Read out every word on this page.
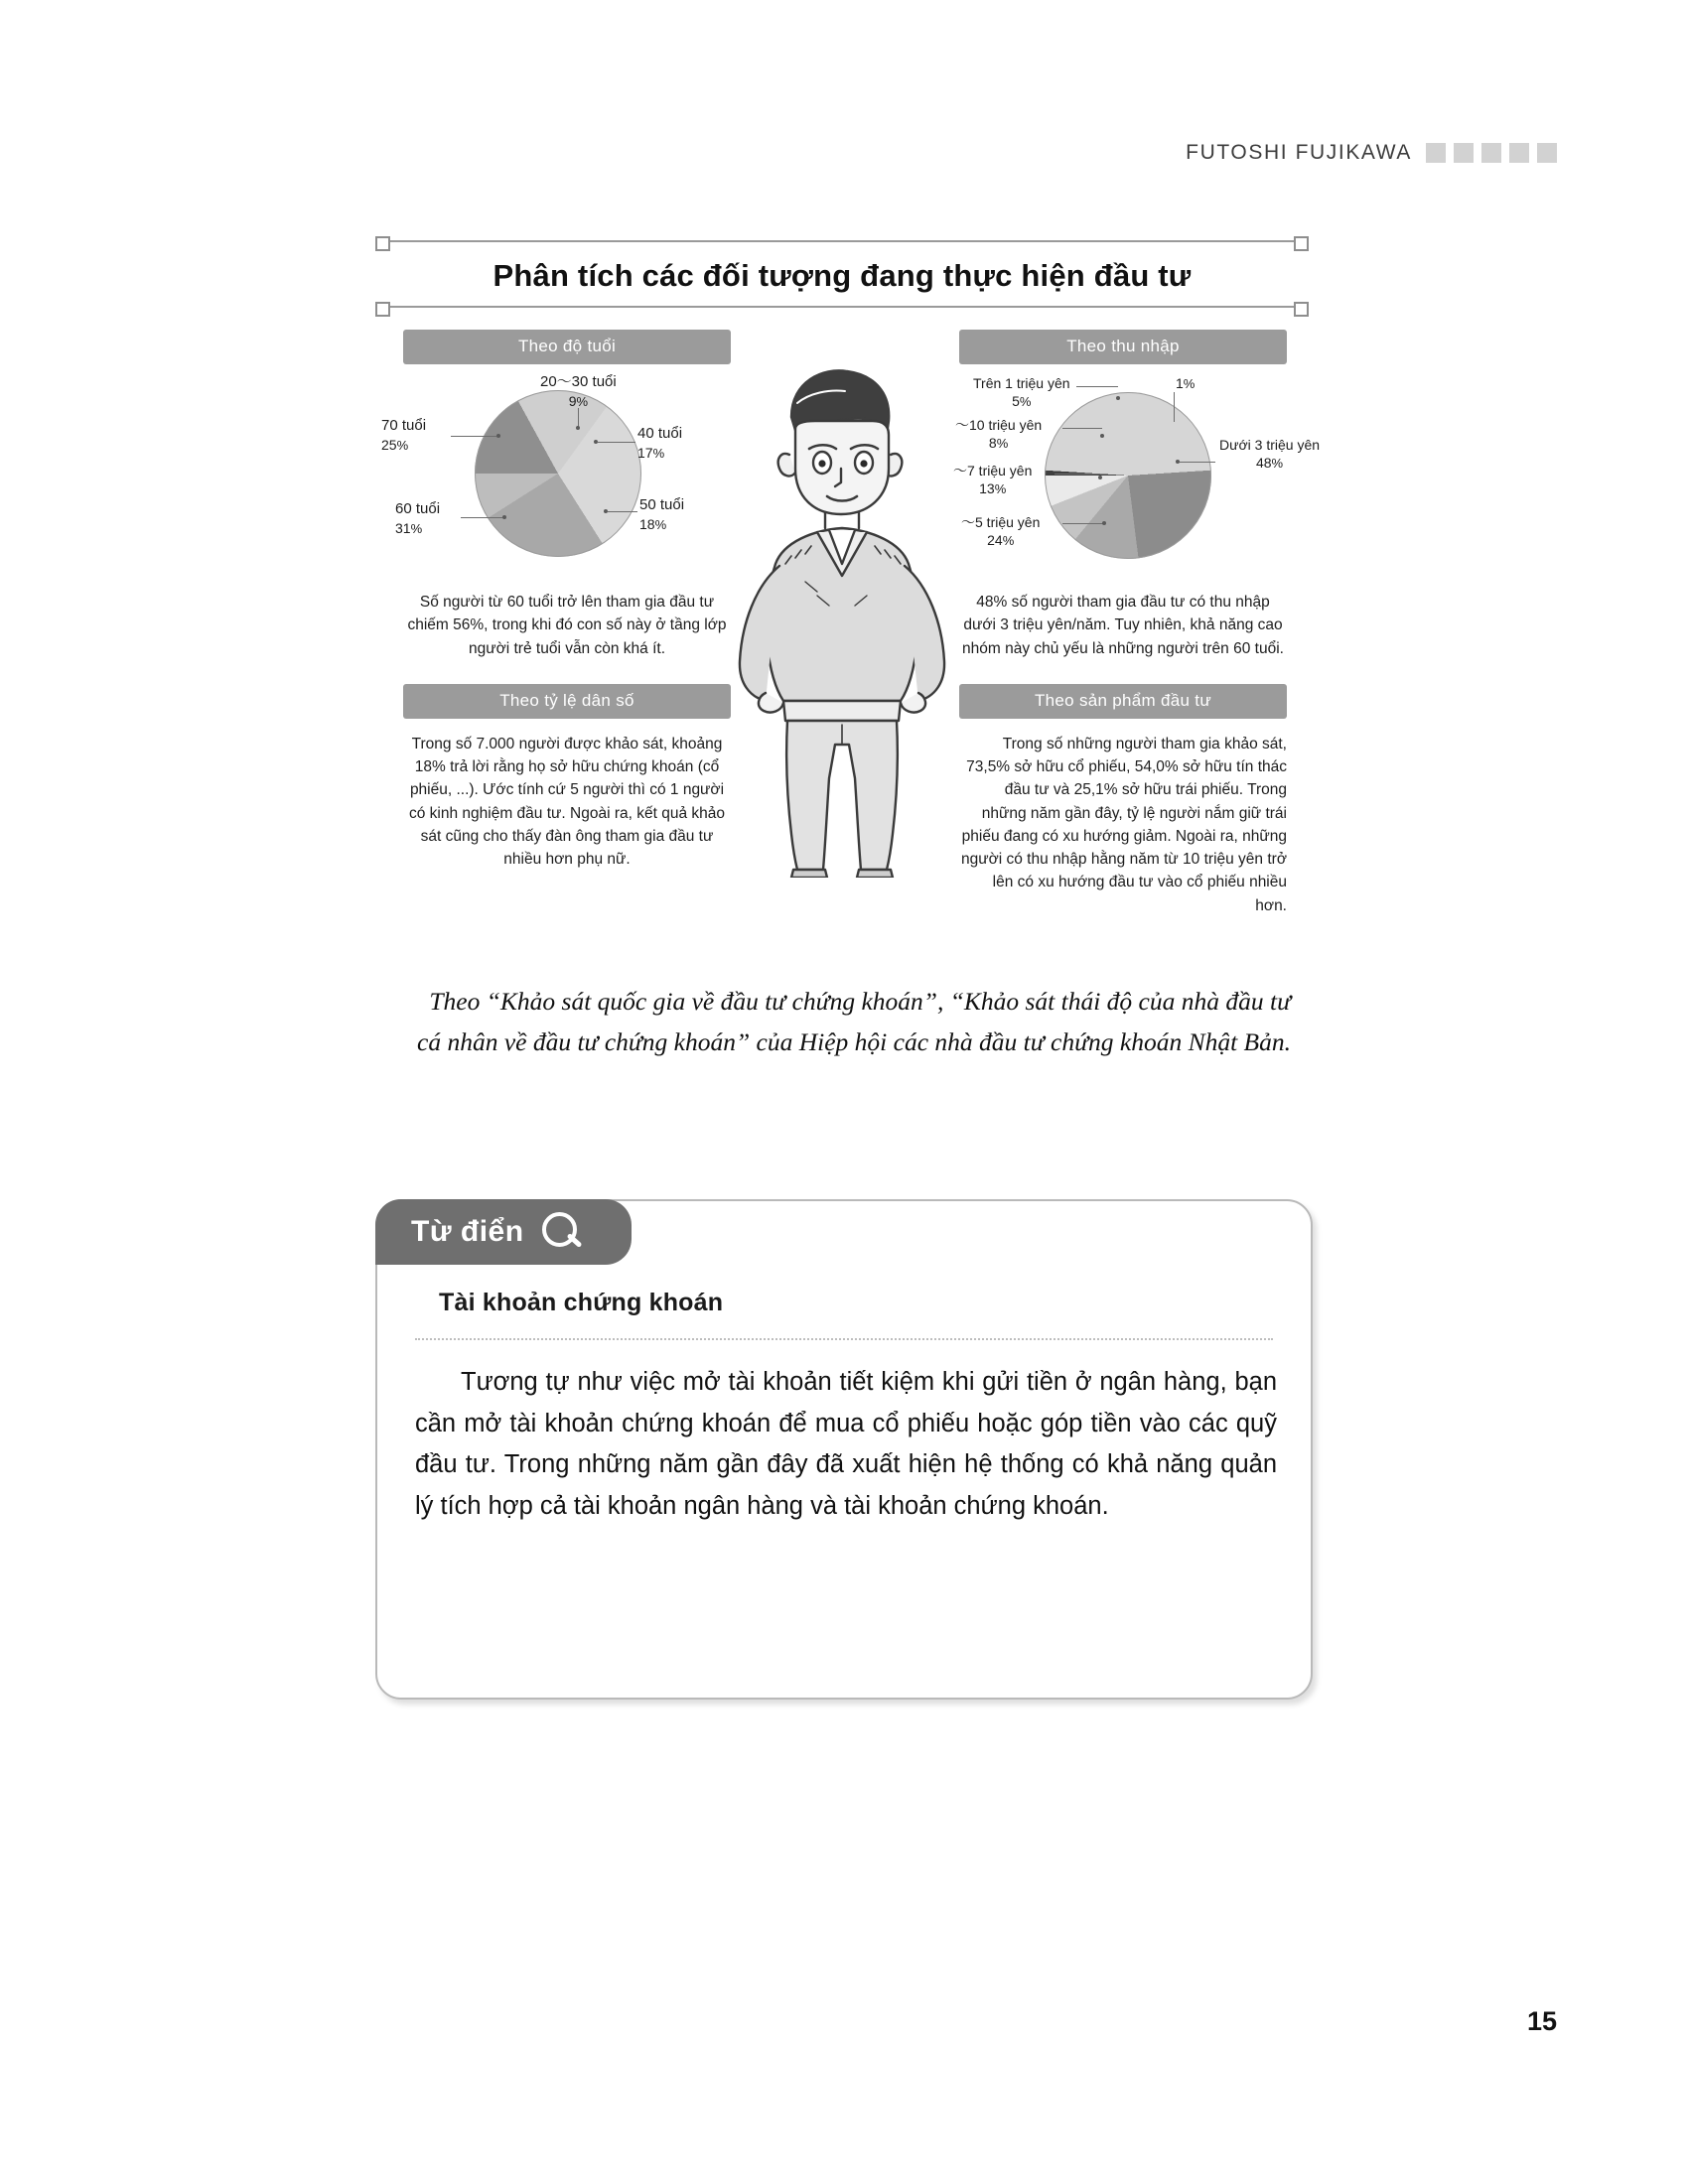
FUTOSHI FUJIKAWA
Phân tích các đối tượng đang thực hiện đầu tư
Theo độ tuổi
20〜30 tuổi
9%
70 tuổi
25%
40 tuổi
17%
50 tuổi
18%
60 tuổi
31%
Số người từ 60 tuổi trở lên tham gia đầu tư chiếm 56%, trong khi đó con số này ở tầng lớp người trẻ tuổi vẫn còn khá ít.
Theo tỷ lệ dân số
Trong số 7.000 người được khảo sát, khoảng 18% trả lời rằng họ sở hữu chứng khoán (cổ phiếu, ...). Ước tính cứ 5 người thì có 1 người có kinh nghiệm đầu tư. Ngoài ra, kết quả khảo sát cũng cho thấy đàn ông tham gia đầu tư nhiều hơn phụ nữ.
Theo thu nhập
Trên 1 triệu yên
5%
1%
〜10 triệu yên
8%
〜7 triệu yên
13%
Dưới 3 triệu yên
48%
〜5 triệu yên
24%
48% số người tham gia đầu tư có thu nhập dưới 3 triệu yên/năm. Tuy nhiên, khả năng cao nhóm này chủ yếu là những người trên 60 tuổi.
Theo sản phẩm đầu tư
Trong số những người tham gia khảo sát, 73,5% sở hữu cổ phiếu, 54,0% sở hữu tín thác đầu tư và 25,1% sở hữu trái phiếu. Trong những năm gần đây, tỷ lệ người nắm giữ trái phiếu đang có xu hướng giảm. Ngoài ra, những người có thu nhập hằng năm từ 10 triệu yên trở lên có xu hướng đầu tư vào cổ phiếu nhiều hơn.
Theo “Khảo sát quốc gia về đầu tư chứng khoán”, “Khảo sát thái độ của nhà đầu tư cá nhân về đầu tư chứng khoán” của Hiệp hội các nhà đầu tư chứng khoán Nhật Bản.
Từ điển
Tài khoản chứng khoán
Tương tự như việc mở tài khoản tiết kiệm khi gửi tiền ở ngân hàng, bạn cần mở tài khoản chứng khoán để mua cổ phiếu hoặc góp tiền vào các quỹ đầu tư. Trong những năm gần đây đã xuất hiện hệ thống có khả năng quản lý tích hợp cả tài khoản ngân hàng và tài khoản chứng khoán.
15
